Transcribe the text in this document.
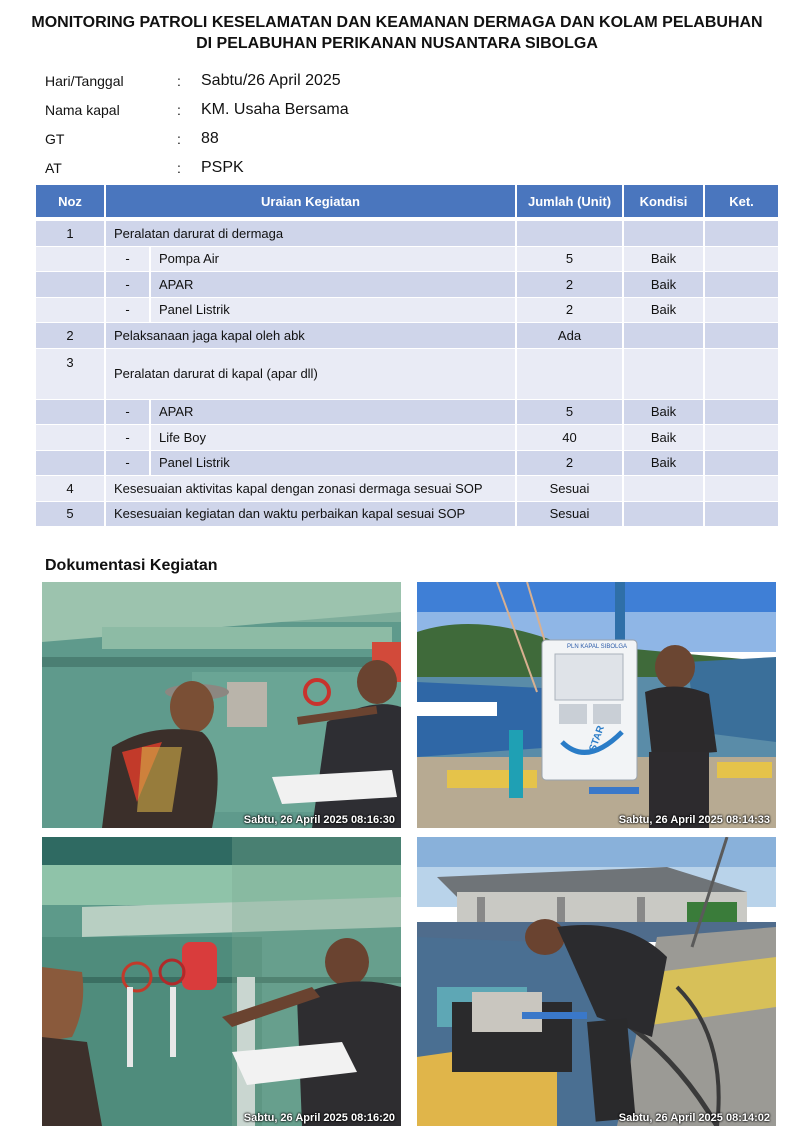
MONITORING PATROLI KESELAMATAN DAN KEAMANAN DERMAGA DAN KOLAM PELABUHAN
DI PELABUHAN PERIKANAN NUSANTARA SIBOLGA
Hari/Tanggal	:	Sabtu/26 April 2025
Nama kapal	:	KM. Usaha Bersama
GT	:	88
AT	:	PSPK
Noz	Uraian Kegiatan		Jumlah (Unit)	Kondisi	Ket.
1	Peralatan darurat di dermaga				
	-	Pompa Air	5	Baik	
	-	APAR	2	Baik	
	-	Panel Listrik	2	Baik	
2	Pelaksanaan jaga kapal oleh abk		Ada		
3	Peralatan darurat di kapal (apar dll)				
	-	APAR	5	Baik	
	-	Life Boy	40	Baik	
	-	Panel Listrik	2	Baik	
4	Kesesuaian aktivitas kapal dengan zonasi dermaga sesuai SOP		Sesuai		
5	Kesesuaian kegiatan dan waktu perbaikan kapal sesuai SOP		Sesuai		
Dokumentasi Kegiatan
Sabtu, 26 April 2025 08:16:30
PLN KAPAL SIBOLGA
STAR
Sabtu, 26 April 2025 08:14:33
Sabtu, 26 April 2025 08:16:20	Sabtu, 26 April 2025 08:14:02
